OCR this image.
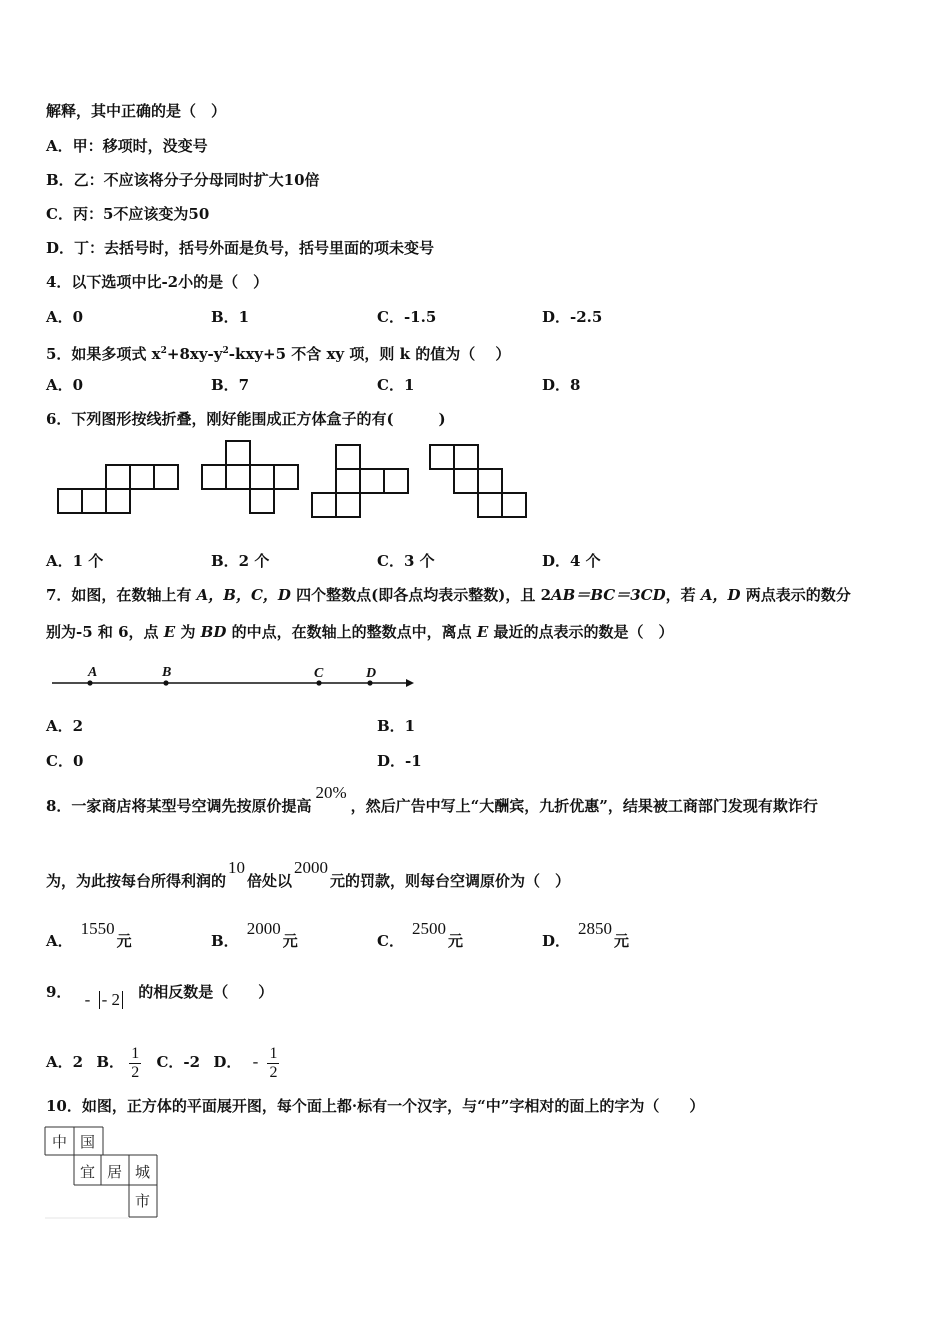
解释，其中正确的是（　）
A．甲：移项时，没变号
B．乙：不应该将分子分母同时扩大10倍
C．丙：5不应该变为50
D．丁：去括号时，括号外面是负号，括号里面的项未变号
4．以下选项中比-2小的是（　）
A．0	B．1	C．-1.5	D．-2.5
5．如果多项式 $x^2+8xy-y^2-kxy+5$ 不含 xy 项，则 k 的值为（　 ）
A．0	B．7	C．1	D．8
6．下列图形按线折叠，刚好能围成正方体盒子的有(　　　)
A．1 个	B．2 个	C．3 个	D．4 个
7．如图，在数轴上有 A，B，C，D 四个整数点(即各点均表示整数)，且 2AB＝BC＝3CD，若 A，D 两点表示的数分
别为-5 和 6，点 E 为 BD 的中点，在数轴上的整数点中，离点 E 最近的点表示的数是（　）
A	B	C	D
A．2	B．1
C．0	D．-1
8．一家商店将某型号空调先按原价提高20%，然后广告中写上“大酬宾，九折优惠”，结果被工商部门发现有欺诈行
为，为此按每台所得利润的10倍处以2000元的罚款，则每台空调原价为（　）
A．1550元	B．2000元	C．2500元	D．2850元
9． - - 2 的相反数是（　　）
A．2 B． $\frac{1}{2}$ C．-2 D． - $\frac{1}{2}$
10．如图，正方体的平面展开图，每个面上都·标有一个汉字，与“中”字相对的面上的字为（　　）
中 国
宜 居 城
市
